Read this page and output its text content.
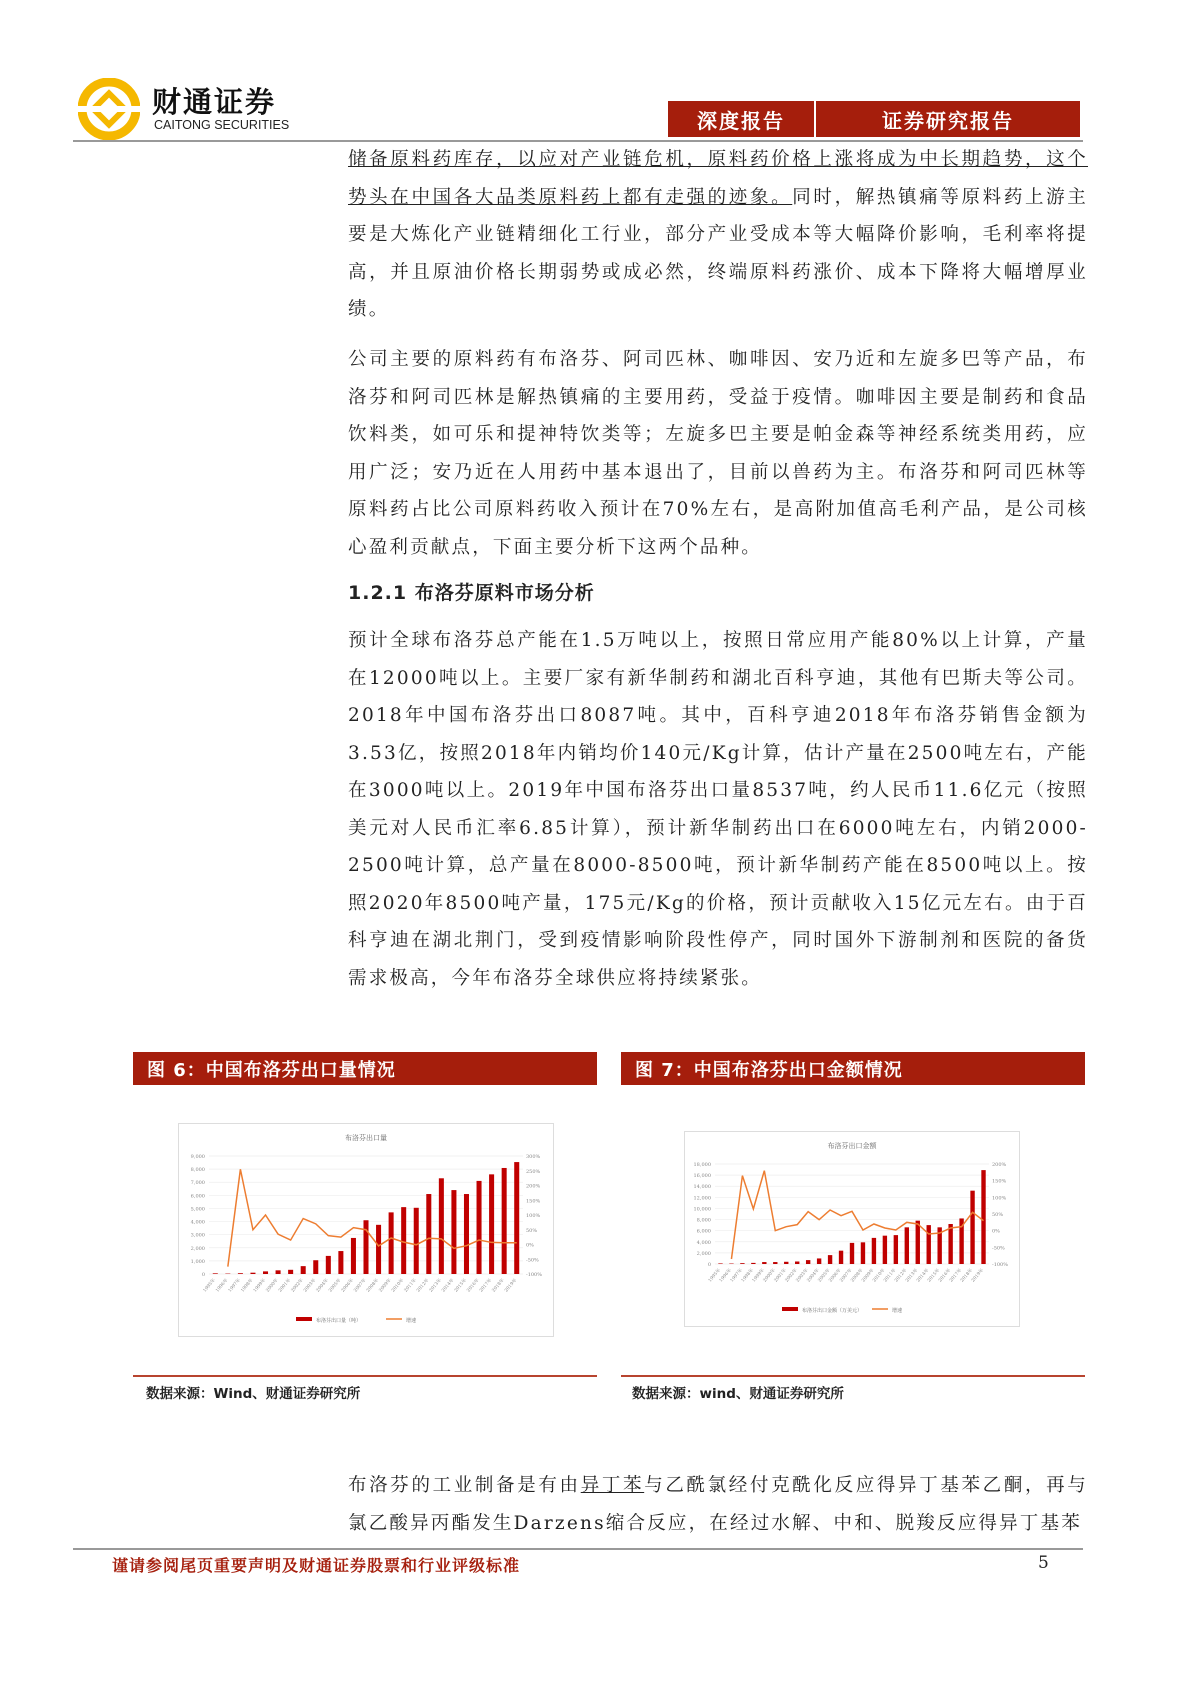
财通证券
CAITONG SECURITIES	深度报告	证券研究报告
储备原料药库存，以应对产业链危机，原料药价格上涨将成为中长期趋势，这个势头在中国各大品类原料药上都有走强的迹象。同时，解热镇痛等原料药上游主要是大炼化产业链精细化工行业，部分产业受成本等大幅降价影响，毛利率将提高，并且原油价格长期弱势或成必然，终端原料药涨价、成本下降将大幅增厚业绩。
公司主要的原料药有布洛芬、阿司匹林、咖啡因、安乃近和左旋多巴等产品，布洛芬和阿司匹林是解热镇痛的主要用药，受益于疫情。咖啡因主要是制药和食品饮料类，如可乐和提神特饮类等；左旋多巴主要是帕金森等神经系统类用药，应用广泛；安乃近在人用药中基本退出了，目前以兽药为主。布洛芬和阿司匹林等原料药占比公司原料药收入预计在70%左右，是高附加值高毛利产品，是公司核心盈利贡献点，下面主要分析下这两个品种。
1.2.1 布洛芬原料市场分析
预计全球布洛芬总产能在1.5万吨以上，按照日常应用产能80%以上计算，产量在12000吨以上。主要厂家有新华制药和湖北百科亨迪，其他有巴斯夫等公司。2018年中国布洛芬出口8087吨。其中，百科亨迪2018年布洛芬销售金额为3.53亿，按照2018年内销均价140元/Kg计算，估计产量在2500吨左右，产能在3000吨以上。2019年中国布洛芬出口量8537吨，约人民币11.6亿元（按照美元对人民币汇率6.85计算），预计新华制药出口在6000吨左右，内销2000-2500吨计算，总产量在8000-8500吨，预计新华制药产能在8500吨以上。按照2020年8500吨产量，175元/Kg的价格，预计贡献收入15亿元左右。由于百科亨迪在湖北荆门，受到疫情影响阶段性停产，同时国外下游制剂和医院的备货需求极高，今年布洛芬全球供应将持续紧张。
图 6：中国布洛芬出口量情况	图 7：中国布洛芬出口金额情况
布洛芬出口量
0
1,000
2,000
3,000
4,000
5,000
6,000
7,000
8,000
9,000
-100%
-50%
0%
50%
100%
150%
200%
250%
300%
1995年
1996年
1997年
1998年
1999年
2000年
2001年
2002年
2003年
2004年
2005年
2006年
2007年
2008年
2009年
2010年
2011年
2012年
2013年
2014年
2015年
2016年
2017年
2018年
2019年
布洛芬出口量（吨）	增速
布洛芬出口金额
0
2,000
4,000
6,000
8,000
10,000
12,000
14,000
16,000
18,000
-100%
-50%
0%
50%
100%
150%
200%
1995年
1996年
1997年
1998年
1999年
2000年
2001年
2002年
2003年
2004年
2005年
2006年
2007年
2008年
2009年
2010年
2011年
2012年
2013年
2014年
2015年
2016年
2017年
2018年
2019年
布洛芬出口金额（万美元）	增速
数据来源：Wind、财通证券研究所	数据来源：wind、财通证券研究所
布洛芬的工业制备是有由异丁苯与乙酰氯经付克酰化反应得异丁基苯乙酮，再与氯乙酸异丙酯发生Darzens缩合反应，在经过水解、中和、脱羧反应得异丁基苯
谨请参阅尾页重要声明及财通证券股票和行业评级标准	5
